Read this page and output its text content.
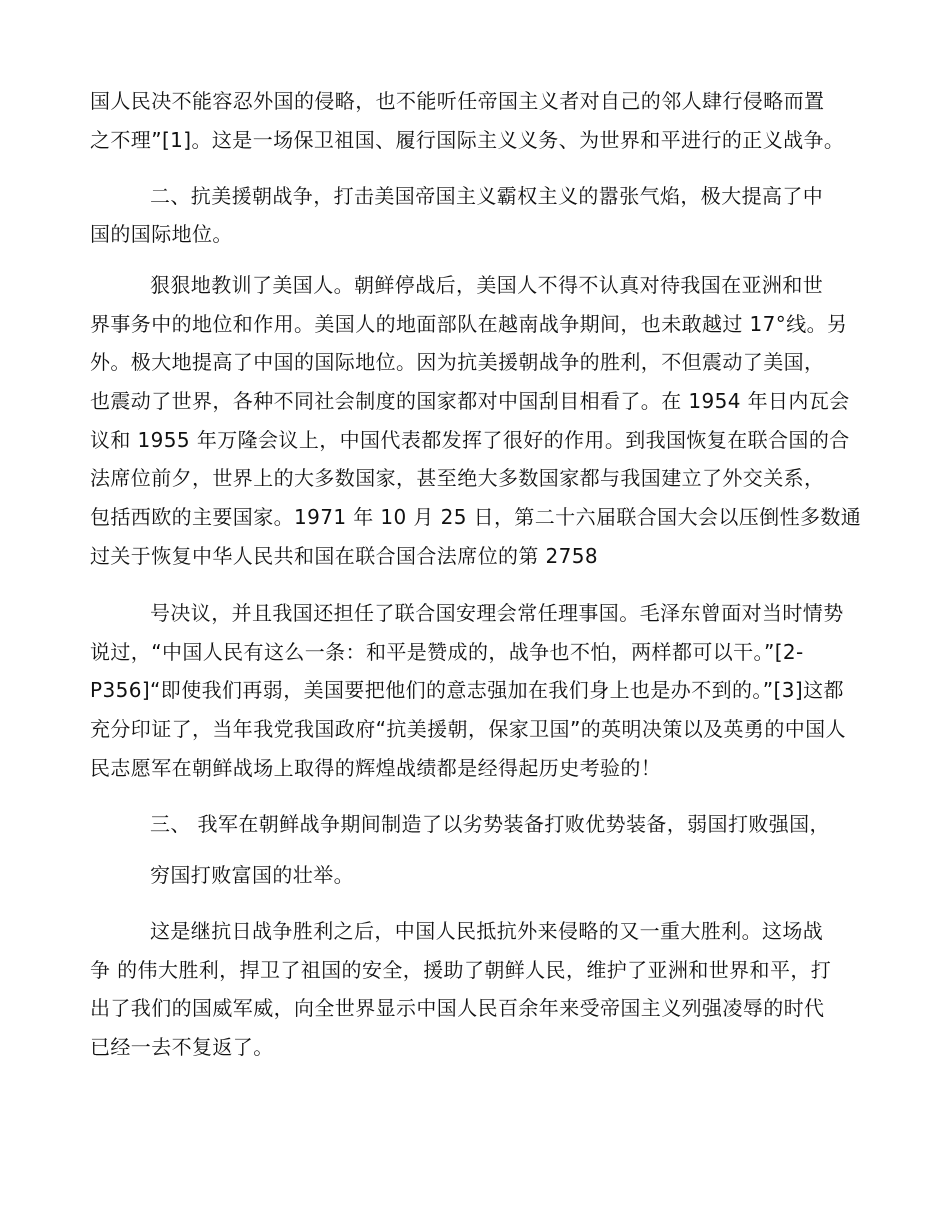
国人民决不能容忍外国的侵略，也不能听任帝国主义者对自己的邻人肆行侵略而置
之不理”[1]。这是一场保卫祖国、履行国际主义义务、为世界和平进行的正义战争。
二、抗美援朝战争，打击美国帝国主义霸权主义的嚣张气焰，极大提高了中
国的国际地位。
狠狠地教训了美国人。朝鲜停战后，美国人不得不认真对待我国在亚洲和世
界事务中的地位和作用。美国人的地面部队在越南战争期间，也未敢越过 17°线。另
外。极大地提高了中国的国际地位。因为抗美援朝战争的胜利，不但震动了美国，
也震动了世界，各种不同社会制度的国家都对中国刮目相看了。在 1954 年日内瓦会
议和 1955 年万隆会议上，中国代表都发挥了很好的作用。到我国恢复在联合国的合
法席位前夕，世界上的大多数国家，甚至绝大多数国家都与我国建立了外交关系，
包括西欧的主要国家。1971 年 10 月 25 日，第二十六届联合国大会以压倒性多数通
过关于恢复中华人民共和国在联合国合法席位的第 2758
号决议，并且我国还担任了联合国安理会常任理事国。毛泽东曾面对当时情势
说过，“中国人民有这么一条：和平是赞成的，战争也不怕，两样都可以干。”[2-
P356]“即使我们再弱，美国要把他们的意志强加在我们身上也是办不到的。”[3]这都
充分印证了，当年我党我国政府“抗美援朝，保家卫国”的英明决策以及英勇的中国人
民志愿军在朝鲜战场上取得的辉煌战绩都是经得起历史考验的！
三、 我军在朝鲜战争期间制造了以劣势装备打败优势装备，弱国打败强国，
穷国打败富国的壮举。
这是继抗日战争胜利之后，中国人民抵抗外来侵略的又一重大胜利。这场战
争 的伟大胜利，捍卫了祖国的安全，援助了朝鲜人民，维护了亚洲和世界和平，打
出了我们的国威军威，向全世界显示中国人民百余年来受帝国主义列强凌辱的时代
已经一去不复返了。
